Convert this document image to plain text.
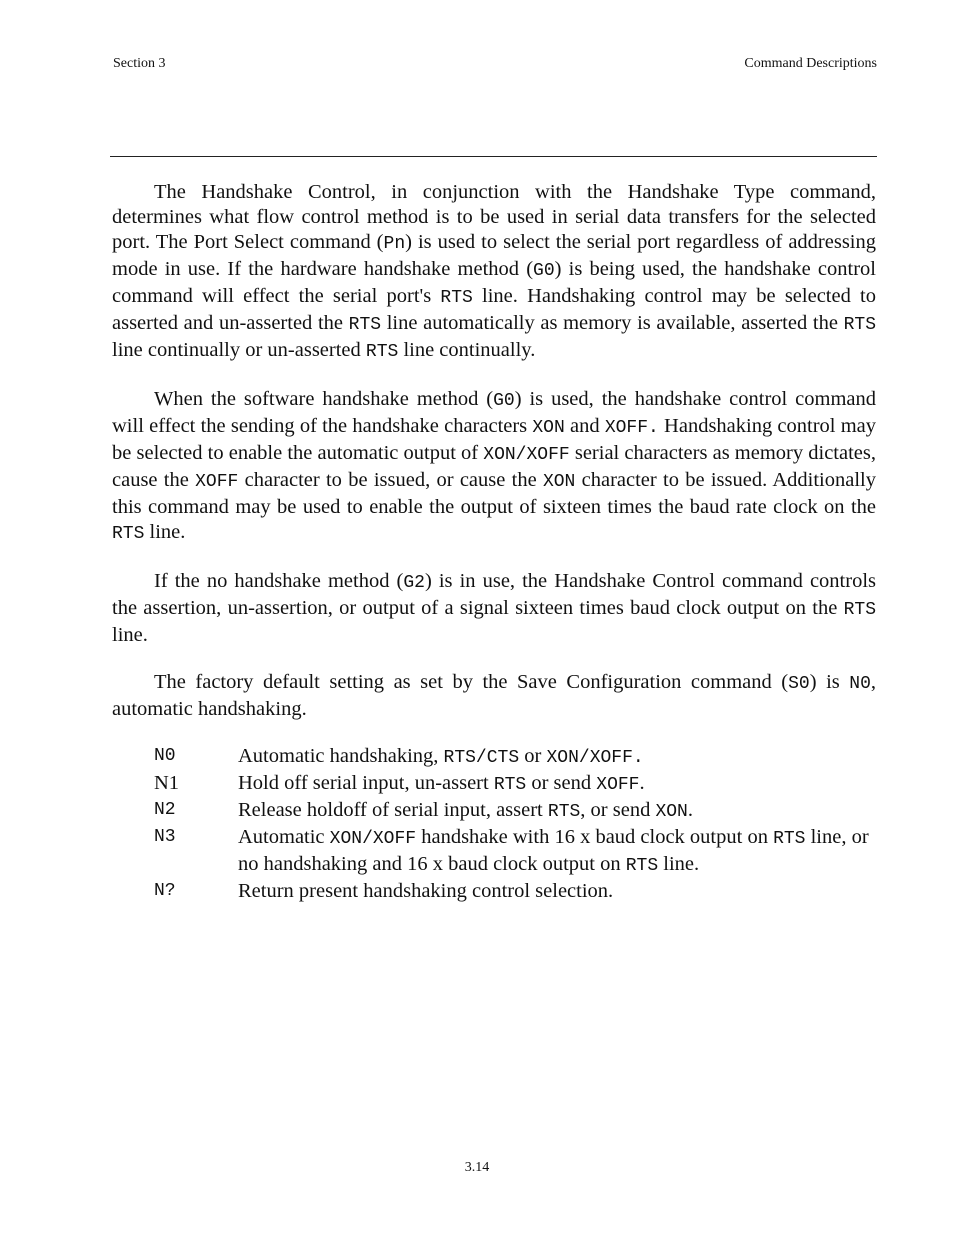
Section 3	Command Descriptions

The Handshake Control, in conjunction with the Handshake Type command, determines what flow control method is to be used in serial data transfers for the selected port. The Port Select command (Pn) is used to select the serial port regardless of addressing mode in use. If the hardware handshake method (G0) is being used, the handshake control command will effect the serial port's RTS line. Handshaking control may be selected to asserted and un-asserted the RTS line automatically as memory is available, asserted the RTS line continually or un-asserted RTS line continually.

When the software handshake method (G0) is used, the handshake control command will effect the sending of the handshake characters XON and XOFF. Handshaking control may be selected to enable the automatic output of XON/XOFF serial characters as memory dictates, cause the XOFF character to be issued, or cause the XON character to be issued. Additionally this command may be used to enable the output of sixteen times the baud rate clock on the RTS line.

If the no handshake method (G2) is in use, the Handshake Control command controls the assertion, un-assertion, or output of a signal sixteen times baud clock output on the RTS line.

The factory default setting as set by the Save Configuration command (S0) is N0, automatic handshaking.

N0	Automatic handshaking, RTS/CTS or XON/XOFF.
N1	Hold off serial input, un-assert RTS or send XOFF.
N2	Release holdoff of serial input, assert RTS, or send XON.
N3	Automatic XON/XOFF handshake with 16 x baud clock output on RTS line, or no handshaking and 16 x baud clock output on RTS line.
N?	Return present handshaking control selection.
3.14
